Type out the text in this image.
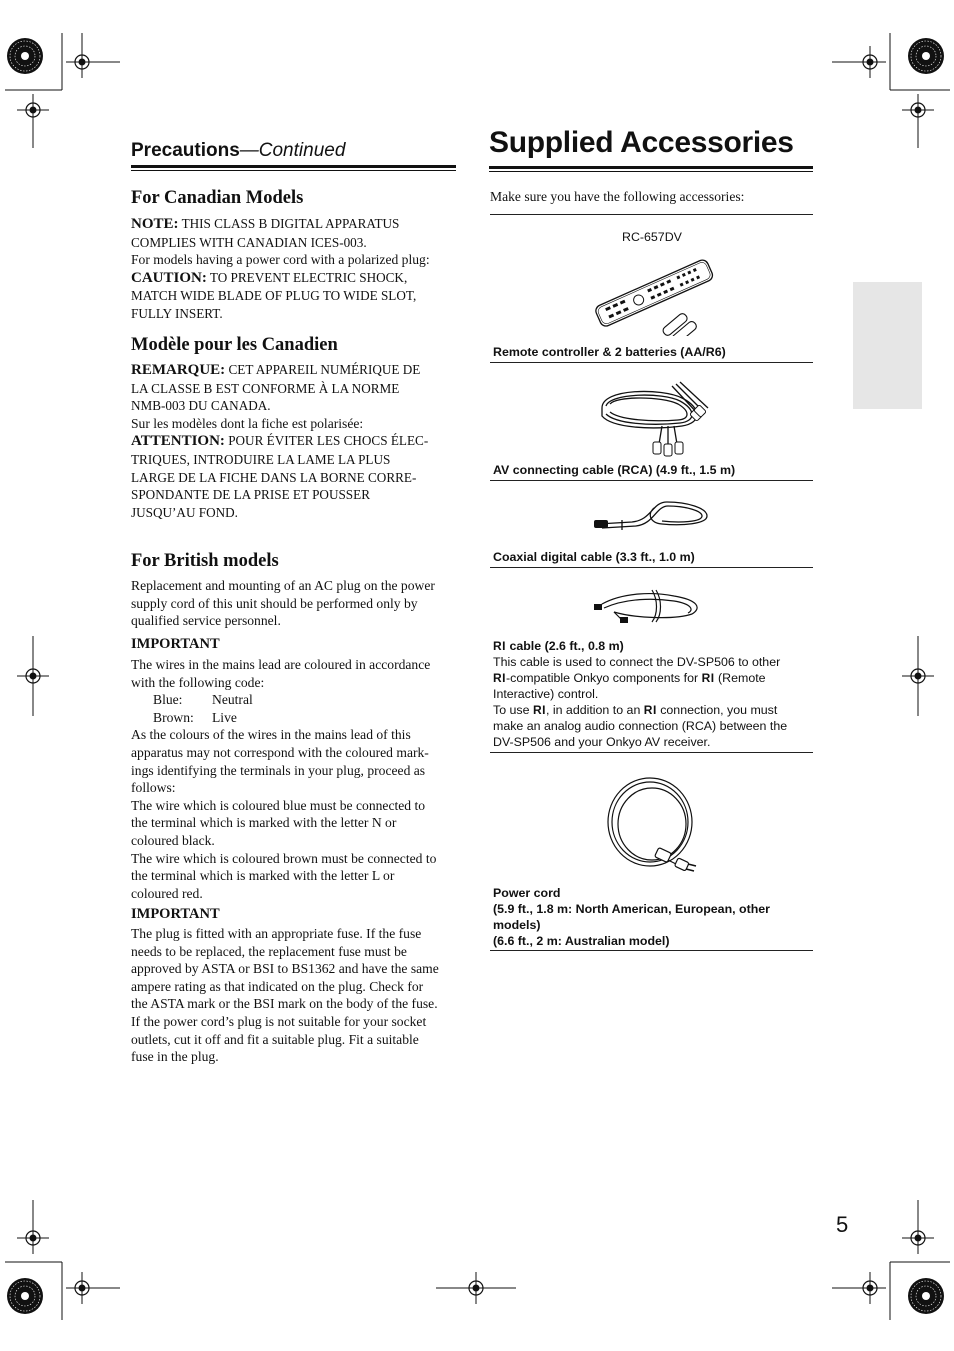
Precautions—Continued
For Canadian Models
NOTE: THIS CLASS B DIGITAL APPARATUS
COMPLIES WITH CANADIAN ICES-003.
For models having a power cord with a polarized plug:
CAUTION: TO PREVENT ELECTRIC SHOCK,
MATCH WIDE BLADE OF PLUG TO WIDE SLOT,
FULLY INSERT.
Modèle pour les Canadien
REMARQUE: CET APPAREIL NUMÉRIQUE DE
LA CLASSE B EST CONFORME À LA NORME
NMB-003 DU CANADA.
Sur les modèles dont la fiche est polarisée:
ATTENTION: POUR ÉVITER LES CHOCS ÉLEC-
TRIQUES, INTRODUIRE LA LAME LA PLUS
LARGE DE LA FICHE DANS LA BORNE CORRE-
SPONDANTE DE LA PRISE ET POUSSER
JUSQU’AU FOND.
For British models
Replacement and mounting of an AC plug on the power
supply cord of this unit should be performed only by
qualified service personnel.
IMPORTANT
The wires in the mains lead are coloured in accordance
with the following code:
Blue: Neutral
Brown: Live
As the colours of the wires in the mains lead of this
apparatus may not correspond with the coloured mark-
ings identifying the terminals in your plug, proceed as
follows:
The wire which is coloured blue must be connected to
the terminal which is marked with the letter N or
coloured black.
The wire which is coloured brown must be connected to
the terminal which is marked with the letter L or
coloured red.
IMPORTANT
The plug is fitted with an appropriate fuse. If the fuse
needs to be replaced, the replacement fuse must be
approved by ASTA or BSI to BS1362 and have the same
ampere rating as that indicated on the plug. Check for
the ASTA mark or the BSI mark on the body of the fuse.
If the power cord’s plug is not suitable for your socket
outlets, cut it off and fit a suitable plug. Fit a suitable
fuse in the plug.
Supplied Accessories
Make sure you have the following accessories:
RC-657DV
Remote controller & 2 batteries (AA/R6)
AV connecting cable (RCA) (4.9 ft., 1.5 m)
Coaxial digital cable (3.3 ft., 1.0 m)
RI cable (2.6 ft., 0.8 m)
This cable is used to connect the DV-SP506 to other
RI-compatible Onkyo components for RI (Remote
Interactive) control.
To use RI, in addition to an RI connection, you must
make an analog audio connection (RCA) between the
DV-SP506 and your Onkyo AV receiver.
Power cord
(5.9 ft., 1.8 m: North American, European, other
models)
(6.6 ft., 2 m: Australian model)
5
